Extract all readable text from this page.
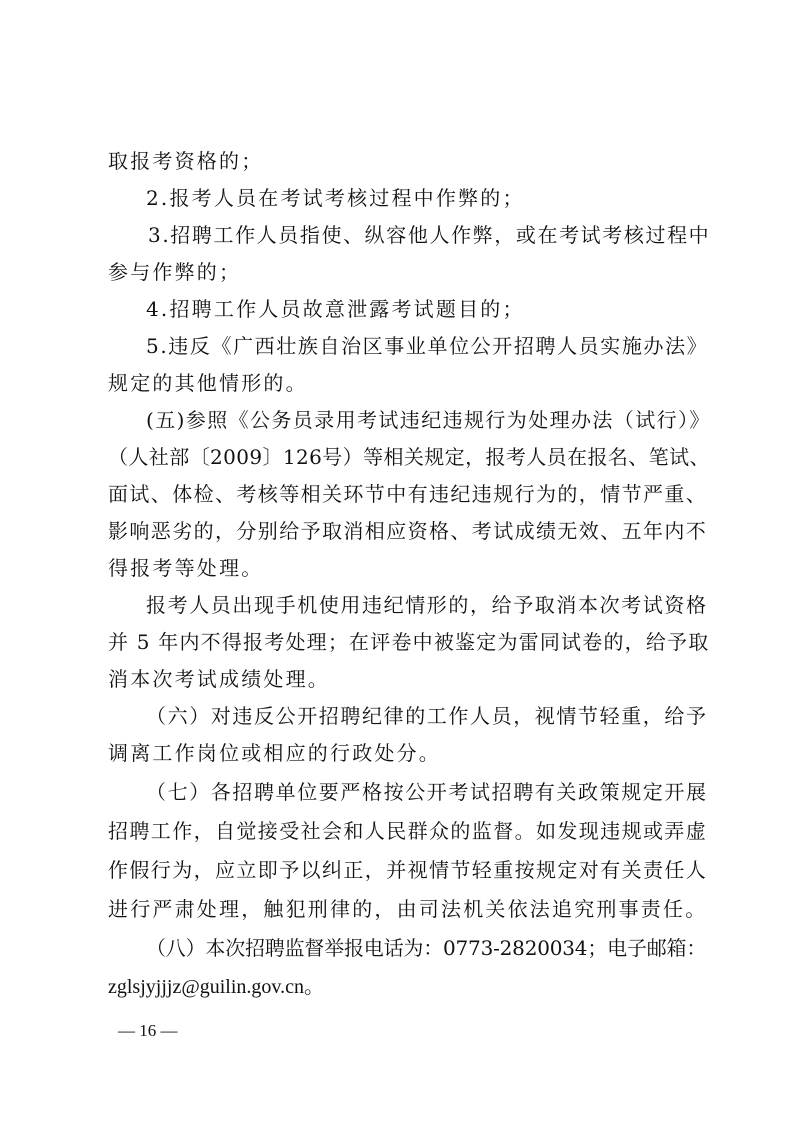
取报考资格的；
2.报考人员在考试考核过程中作弊的；
3.招聘工作人员指使、纵容他人作弊，或在考试考核过程中
参与作弊的；
4.招聘工作人员故意泄露考试题目的；
5.违反《广西壮族自治区事业单位公开招聘人员实施办法》
规定的其他情形的。
(五)参照《公务员录用考试违纪违规行为处理办法（试行）》
（人社部〔2009〕126号）等相关规定，报考人员在报名、笔试、
面试、体检、考核等相关环节中有违纪违规行为的，情节严重、
影响恶劣的，分别给予取消相应资格、考试成绩无效、五年内不
得报考等处理。
报考人员出现手机使用违纪情形的，给予取消本次考试资格
并 5 年内不得报考处理；在评卷中被鉴定为雷同试卷的，给予取
消本次考试成绩处理。
（六）对违反公开招聘纪律的工作人员，视情节轻重，给予
调离工作岗位或相应的行政处分。
（七）各招聘单位要严格按公开考试招聘有关政策规定开展
招聘工作，自觉接受社会和人民群众的监督。如发现违规或弄虚
作假行为，应立即予以纠正，并视情节轻重按规定对有关责任人
进行严肃处理，触犯刑律的，由司法机关依法追究刑事责任。
（八）本次招聘监督举报电话为：0773-2820034；电子邮箱：
zglsjyjjjz@guilin.gov.cn。
— 16 —
